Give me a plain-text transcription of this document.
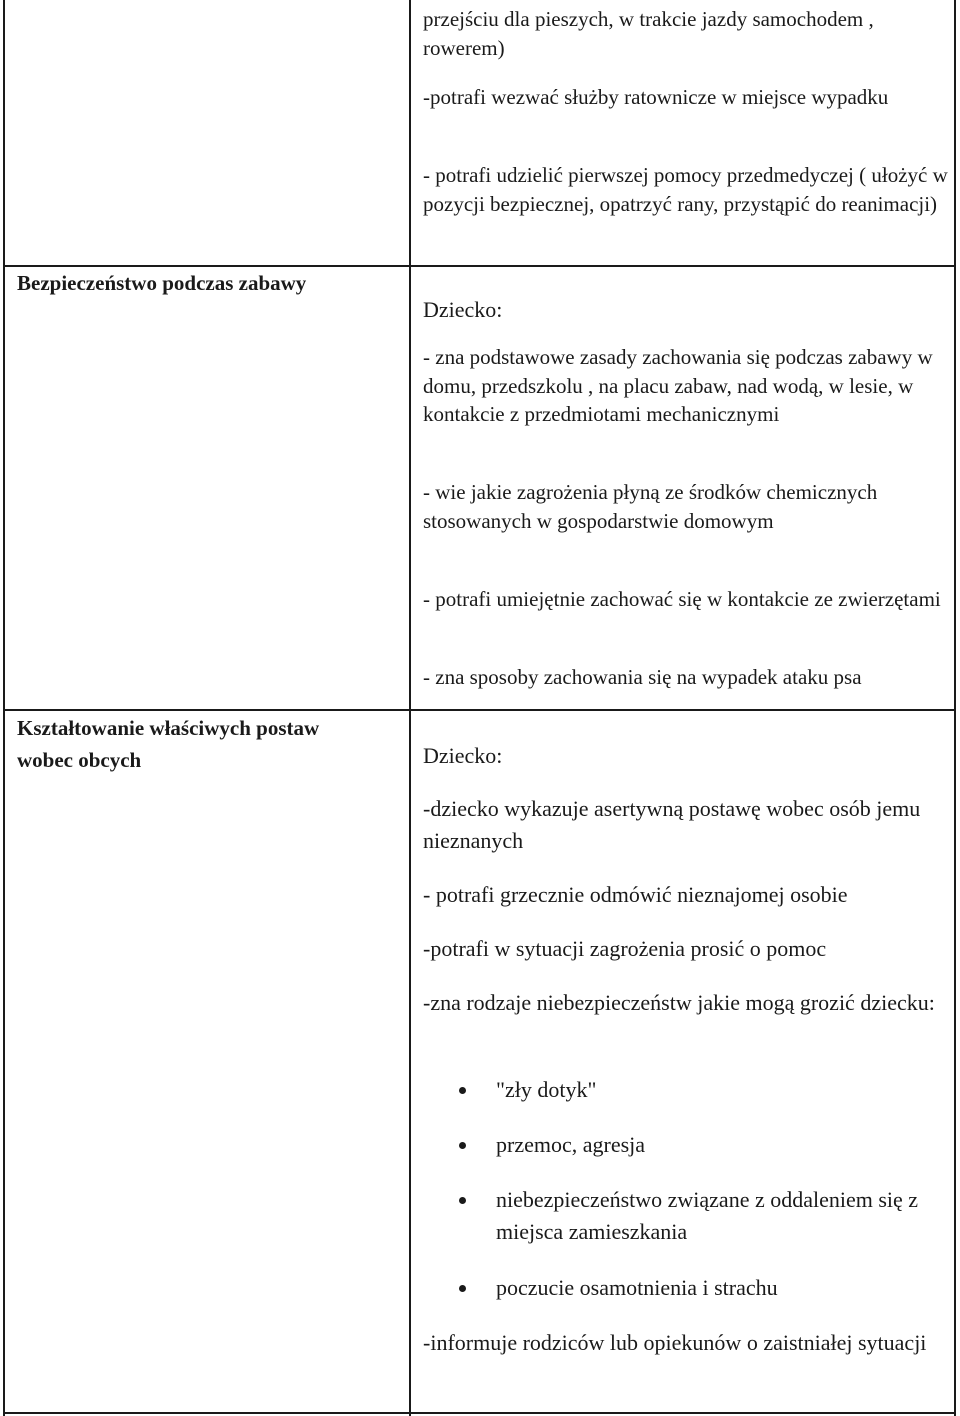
przejściu dla pieszych, w trakcie jazdy samochodem , rowerem)

-potrafi wezwać służby ratownicze w miejsce wypadku

- potrafi udzielić pierwszej pomocy przedmedyczej ( ułożyć w pozycji bezpiecznej, opatrzyć rany, przystąpić do reanimacji)

Bezpieczeństwo podczas zabawy

Dziecko:

- zna podstawowe zasady zachowania się podczas zabawy w domu, przedszkolu , na placu zabaw, nad wodą, w lesie, w kontakcie z przedmiotami mechanicznymi

- wie jakie zagrożenia płyną ze środków chemicznych stosowanych w gospodarstwie domowym

- potrafi umiejętnie zachować się w kontakcie ze zwierzętami

- zna sposoby zachowania się na wypadek ataku psa

Kształtowanie właściwych postaw wobec obcych	Dziecko:

-dziecko wykazuje asertywną postawę wobec osób jemu nieznanych

- potrafi grzecznie odmówić nieznajomej osobie

-potrafi w sytuacji zagrożenia prosić o pomoc

-zna rodzaje niebezpieczeństw jakie mogą grozić dziecku:

"zły dotyk"
przemoc, agresja
niebezpieczeństwo związane z oddaleniem się z miejsca zamieszkania
poczucie osamotnienia i strachu

-informuje rodziców lub opiekunów o zaistniałej sytuacji
